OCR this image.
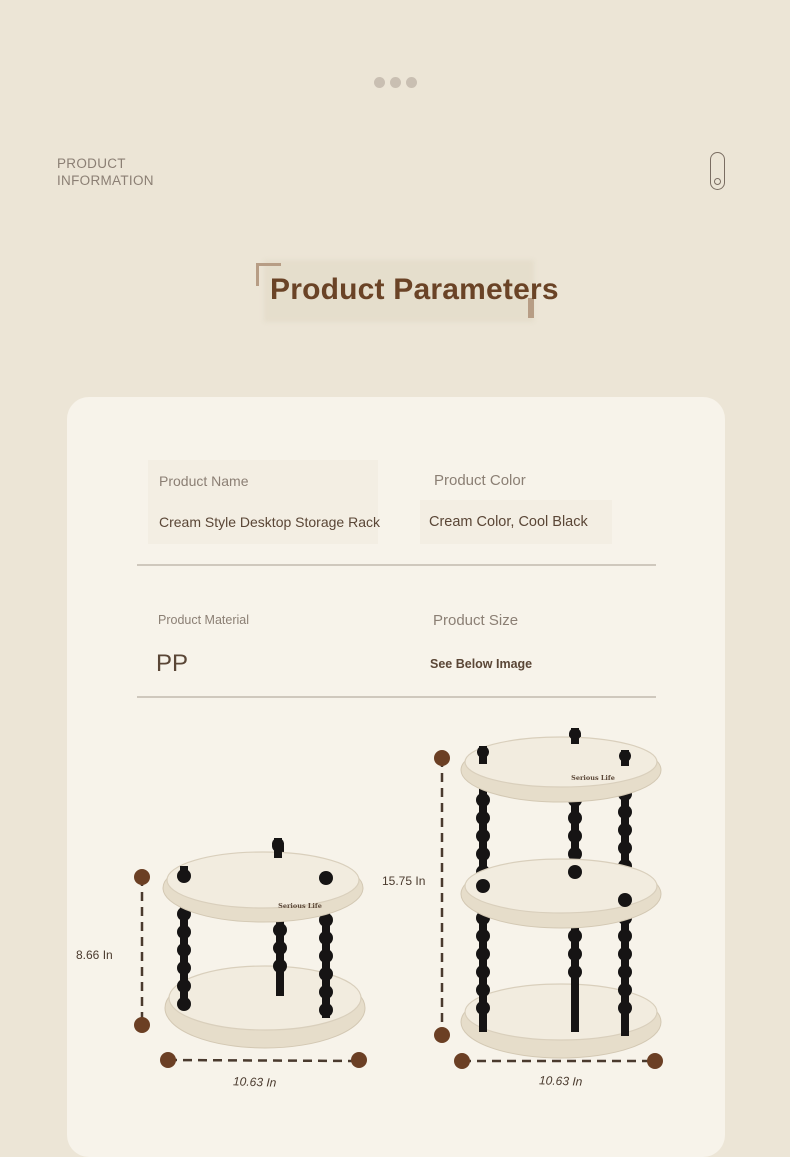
PRODUCT
INFORMATION
Product Parameters
Product Name
Cream Style Desktop Storage Rack
Product Color
Cream Color, Cool Black
Product Material
PP
Product Size
See Below Image
Serious Life
Serious Life
8.66 In
10.63 In
15.75 In
10.63 In
